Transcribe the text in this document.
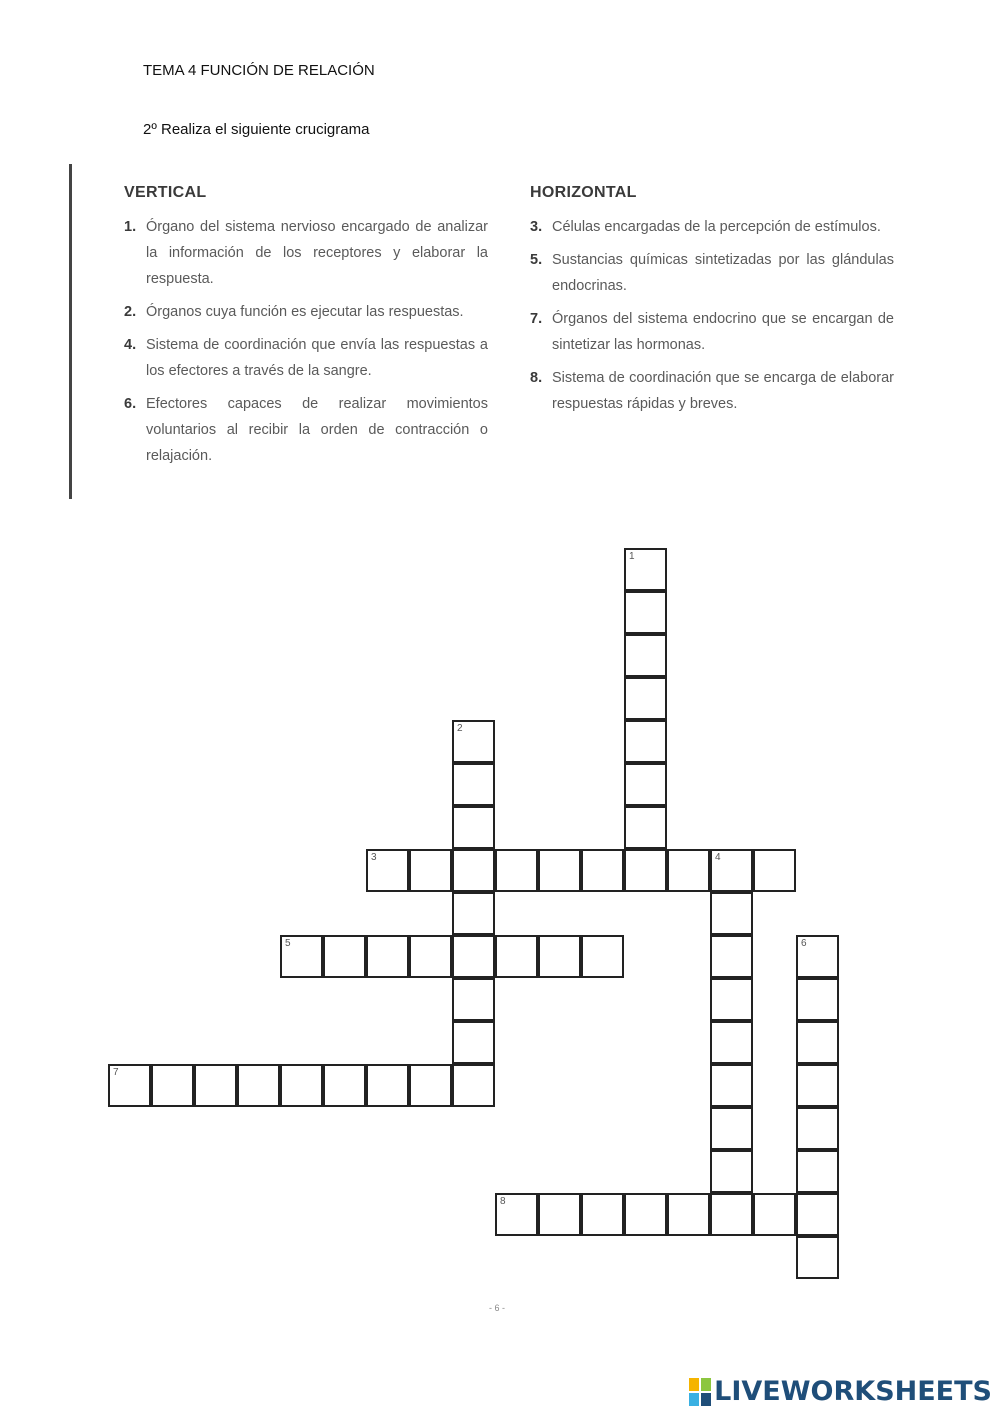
TEMA 4 FUNCIÓN DE RELACIÓN
2º Realiza el siguiente crucigrama
VERTICAL
1. Órgano del sistema nervioso encargado de analizar la información de los receptores y elaborar la respuesta.
2. Órganos cuya función es ejecutar las respuestas.
4. Sistema de coordinación que envía las respuestas a los efectores a través de la sangre.
6. Efectores capaces de realizar movimientos voluntarios al recibir la orden de contracción o relajación.
HORIZONTAL
3. Células encargadas de la percepción de estímulos.
5. Sustancias químicas sintetizadas por las glándulas endocrinas.
7. Órganos del sistema endocrino que se encargan de sintetizar las hormonas.
8. Sistema de coordinación que se encarga de elaborar respuestas rápidas y breves.
1
2
3	4
5	6
7
8
- 6 -
LIVEWORKSHEETS
